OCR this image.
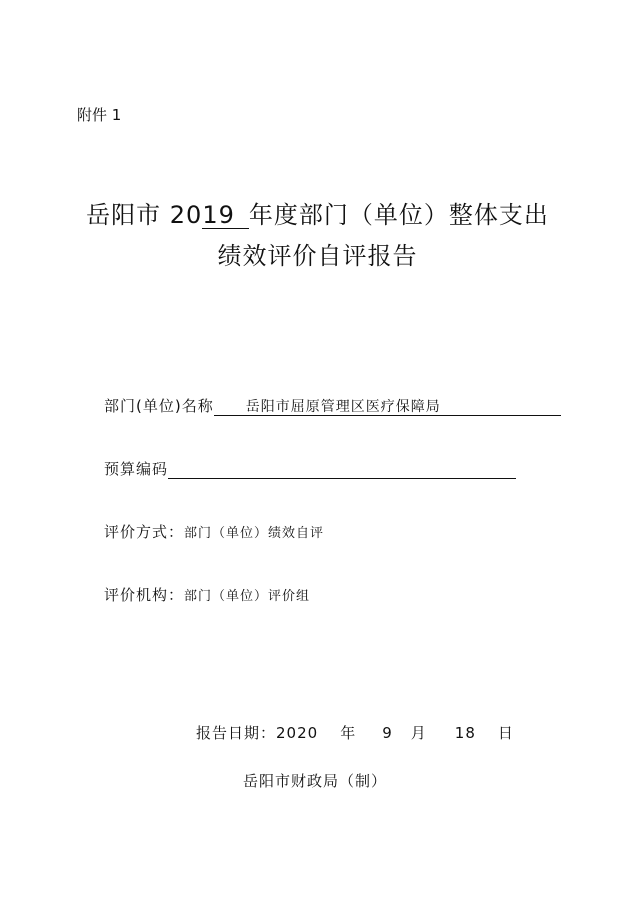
附件 1
岳阳市 2019 年度部门（单位）整体支出
绩效评价自评报告
部门(单位)名称 岳阳市屈原管理区医疗保障局
预算编码
评价方式：部门（单位）绩效自评
评价机构：部门（单位）评价组
报告日期：2020 年 9 月 18 日
岳阳市财政局（制）
